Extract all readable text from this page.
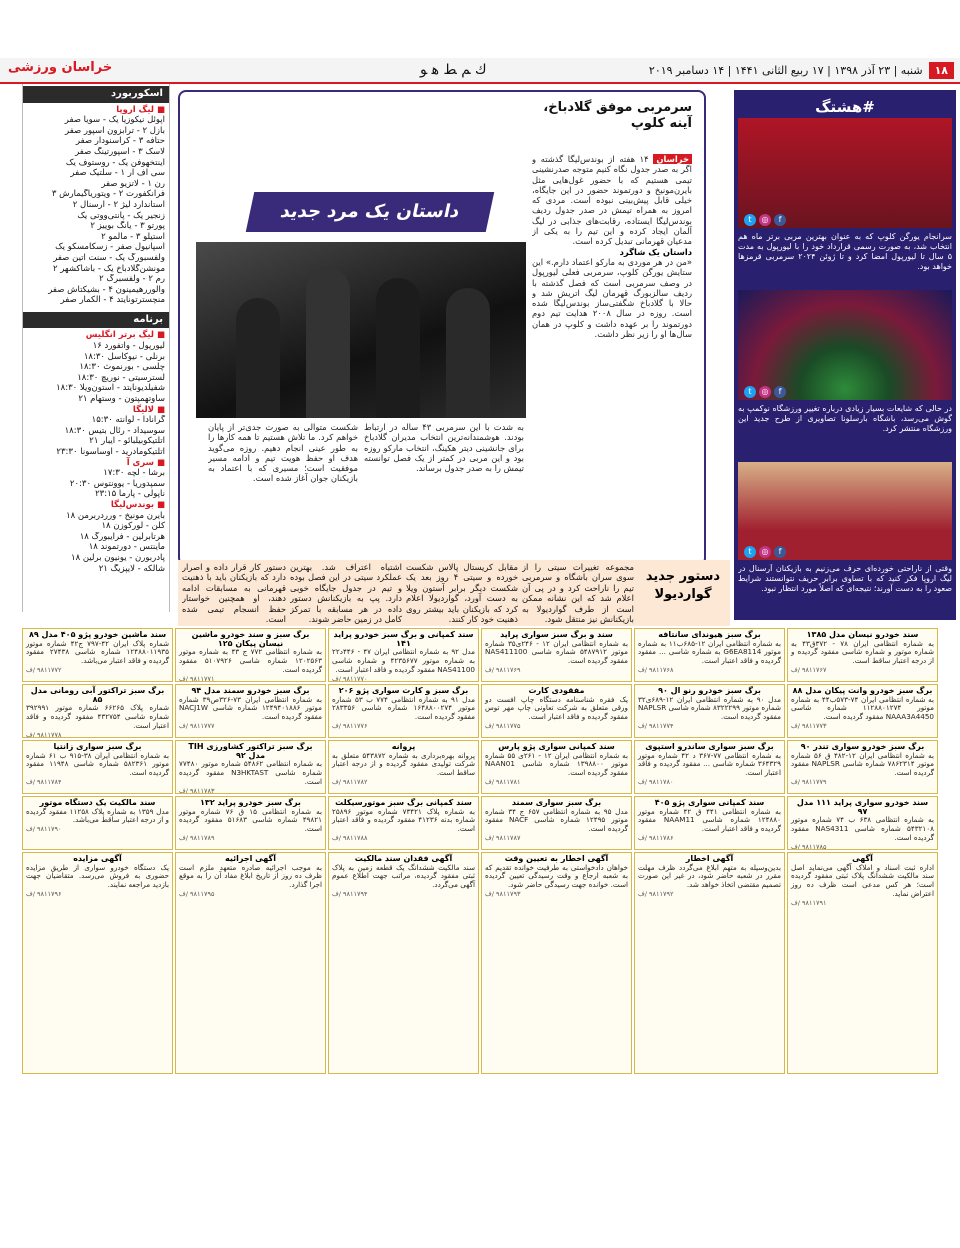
۱۸
شنبه | ۲۳ آذر ۱۳۹۸ | ۱۷ ربیع الثانی ۱۴۴۱ | ۱۴ دسامبر ۲۰۱۹
ﻙ ﻢ ﻂ ﻫ ﻮ
خراسان ورزشی
اسکوربورد
■ لیگ اروپا
آپوئل نیکوزیا یک - سویا صفر
بازل ۲ - ترابزون اسپور صفر
حتافه ۳ - کراسنودار صفر
لاسک ۳ - اسپورتینگ صفر
اینتخهوفن یک - روستوف یک
سی اف آر ۱ - سلتیک صفر
رن ۱ - لاتزیو صفر
فرانکفورت ۲ - ویتوریاگیمارش ۳
استاندارد لیژ ۲ - آرسنال ۲
زنجیر یک - پانتی‌ووتی یک
پورتو ۳ - یانگ بوییز ۲
آستیلو ۳ - مالمو ۲
اسپانیول صفر - زسکامسکو یک
ولفسبورگ یک - سنت اتین صفر
مونشن‌گلادباخ یک - باشاکشهر ۲
رم ۲ - ولفسبرگ ۲
والوررهیمینون ۴ - بشیکتاش صفر
منچسترتونایتد ۴ - آلکمار صفر
برنامه
■ لیگ برتر انگلیس
لیورپول - واتفورد ۱۶
برنلی - نیوکاسل ۱۸:۳۰
چلسی - بورنموث ۱۸:۳۰
لسترسیتی - نوریچ ۱۸:۳۰
شفیلدیونایتد - استون‌ویلا ۱۸:۳۰
ساوتهمپتون - وستهام ۲۱
■ لالیگا
گرانادا - لوانته ۱۵:۳۰
سوسیداد - رئال بتیس ۱۸:۳۰
اتلتیکوبیلبائو - ایبار ۲۱
اتلتیکومادرید - اوساسونا ۲۳:۳۰
■ سری آ
برشا - لچه ۱۷:۳۰
سمپدوریا - یوونتوس ۲۰:۳۰
ناپولی - پارما ۲۳:۱۵
■ بوندس‌لیگا
بایرن مونیخ - ورردربرمن ۱۸
کلن - لورکوزن ۱۸
هرتابرلین - فرایبورگ ۱۸
ماینتس - دورتموند ۱۸
پادربورن - یونیون برلین ۱۸
شالکه - لایپزیگ ۲۱
سرمربی موفق گلادباخ،
آینه کلوپ
داستان یک مرد جدید
خراسان ۱۴ هفته از بوندس‌لیگا گذشته و اگر به صدر جدول نگاه کنیم متوجه صدرنشینی تیمی هستیم که با حضور غول‌هایی مثل بایرن‌مونیخ و دورتموند حضور در این جایگاه، خیلی قابل پیش‌بینی نبوده است. مردی که امروز به همراه تیمش در صدر جدول ردیف بوندس‌لیگا ایستاده، رقابت‌های جذابی در لیگ آلمان ایجاد کرده و این تیم را به یکی از مدعیان قهرمانی تبدیل کرده است.
داستان یک شاگرد
«من در هر موردی به مارکو اعتماد دارم.» این ستایش یورگن کلوپ، سرمربی فعلی لیورپول در وصف سرمربی است که فصل گذشته با ردیف سالزبورگ قهرمان لیگ اتریش شد و حالا با گلادباخ شگفتی‌ساز بوندس‌لیگا شده است. روزه در سال ۲۰۰۸ هدایت تیم دوم دورتموند را بر عهده داشت و کلوپ در همان سال‌ها او را زیر نظر داشت.
به شدت با این سرمربی ۴۳ ساله در ارتباط بودند. هوشمندانه‌ترین انتخاب مدیران گلادباخ برای جانشینی دیتر هکینگ، انتخاب مارکو روزه بود و این مربی در کمتر از یک فصل توانسته تیمش را به صدر جدول برساند.
شکست متوالی به صورت جدی‌تر از پایان خواهم کرد. ما تلاش هستیم تا همه کارها را به طور عینی انجام دهیم. روزه می‌گوید هدف او حفظ هویت تیم و ادامه مسیر موفقیت است؛ مسیری که با اعتماد به بازیکنان جوان آغاز شده است.
#هشتگ
f
◎
t
سرانجام یورگن کلوپ که به عنوان بهترین مربی برتر ماه هم انتخاب شد، به صورت رسمی قرارداد خود را با لیورپول به مدت ۵ سال تا لیورپول امضا کرد و تا ژوئن ۲۰۲۴ سرمربی قرمزها خواهد بود.
f
◎
t
در حالی که شایعات بسیار زیادی درباره تغییر ورزشگاه نوکمپ به گوش می‌رسد، باشگاه بارسلونا تصاویری از طرح جدید این ورزشگاه منتشر کرد.
f
◎
t
وقتی از ناراحتی خورده‌ای حرف می‌زنیم به بازیکنان آرسنال در لیگ اروپا فکر کنید که با تساوی برابر حریف نتوانستند شرایط صعود را به دست آورند؛ نتیجه‌ای که اصلاً مورد انتظار نبود.
دستور جدید
گواردیولا
مجموعه تغییرات سیتی را از سوی سران باشگاه و سرمربی تیم را ناراحت کرد و در پی آن اعلام شد که این نشانه ممکن است از طرف گواردیولا به بازیکنانش نیز منتقل شود.
مقابل کریستال پالاس شکست خورده و سیتی ۴ روز بعد یک شکست دیگر برابر آستون ویلا به دست آورد، گواردیولا اعلام کرد که بازیکنان باید بیشتر روی ذهنیت خود کار کنند.
اشتباه اعتراف شد. بهترین عملکرد سیتی در این فصل بوده و تیم در جدول جایگاه خوبی دارد. پپ به بازیکنانش دستور داده در هر مسابقه با تمرکز کامل در زمین حاضر شوند.
دستور کار قرار داده و اصرار دارد که بازیکنان باید با ذهنیت قهرمانی به مسابقات ادامه دهند، او همچنین خواستار حفظ انسجام تیمی شده است.
سند خودرو نیسان مدل ۱۳۸۵
به شماره انتظامی ایران ۷۸ - ۳۷۲ق۴۳ به شماره موتور و شماره شاسی مفقود گردیده و از درجه اعتبار ساقط است.
۹۸۱۱۷۶۷ /ف
برگ سبز هیوندای سانتافه
به شماره انتظامی ایران ۱۲-۶۸۵ب۱۱ به شماره موتور G6EA8114 به شماره شاسی ... مفقود گردیده و فاقد اعتبار است.
۹۸۱۱۷۶۸ /ف
سند و برگ سبز سواری پراید
به شماره انتظامی ایران ۱۲ - ۲۴۶ی۳۵ شماره موتور ۵۴۸۷۹۱۲ شماره شاسی NAS411100 مفقود گردیده است.
۹۸۱۱۷۶۹ /ف
سند کمپانی و برگ سبز خودرو پراید ۱۴۱
مدل ۹۲ به شماره انتظامی ایران ۴۷ - ۴۴۶د۲۲ به شماره موتور ۴۲۳۵۶۷۷ و شماره شاسی NAS41100 مفقود گردیده و فاقد اعتبار است.
۹۸۱۱۷۷۰ /ف
برگ سبز و سند خودرو ماشین نیسان پیکان ۱۲۵
به شماره انتظامی ۷۷۲ ج ۴۳ به شماره موتور ۱۲۰۲۵۶۳ شماره شاسی ۵۱۰۷۹۲۶ مفقود گردیده است.
۹۸۱۱۷۷۱ /ف
سند ماشین خودرو پژو ۴۰۵ مدل ۸۹
شماره پلاک ایران ۴۲-۷۹۷ ج۴۲ شماره موتور ۱۲۴۸۸۰۱۱۹۳۵ شماره شاسی ۲۷۴۳۸ مفقود گردیده و فاقد اعتبار می‌باشد.
۹۸۱۱۷۷۲ /ف
برگ سبز خودرو وانت پیکان مدل ۸۸
به شماره انتظامی ایران ۷۴-۵۷۳ب۴۴ به شماره موتور ۱۱۲۸۸۰۱۲۷۴ شماره شاسی NAAA3A4450 مفقود گردیده است.
۹۸۱۱۷۷۳ /ف
برگ سبز خودرو رنو ال ۹۰
مدل ۹۰ به شماره انتظامی ایران ۱۲-۶۸۹ی۳۲ شماره موتور ۸۳۲۲۲۹۹ شماره شاسی NAPLSR مفقود گردیده است.
۹۸۱۱۷۷۴ /ف
مفقودی کارت
یک فقره شناسنامه دستگاه چاپ افست دو ورقی متعلق به شرکت تعاونی چاپ مهر توس مفقود گردیده و فاقد اعتبار است.
۹۸۱۱۷۷۵ /ف
برگ سبز و کارت سواری پژو ۲۰۶
مدل ۹۱ به شماره انتظامی ۷۷۴ ب ۵۳ شماره موتور ۱۶۴۸۸۰۰۲۷۴ شماره شاسی ۲۸۳۳۵۶ مفقود گردیده است.
۹۸۱۱۷۷۶ /ف
برگ سبز خودرو سمند مدل ۹۴
به شماره انتظامی ایران ۷۳-۳۲۶ص۳۹ شماره موتور ۱۲۴۹۴۰۱۸۸۶ شماره شاسی NACJ1W مفقود گردیده است.
۹۸۱۱۷۷۷ /ف
برگ سبز تراکتور آبی رومانی مدل ۸۵
شماره پلاک ۶۶۲۶۵ شماره موتور ۳۹۲۹۹۱ شماره شاسی ۴۳۲۷۵۴ مفقود گردیده و فاقد اعتبار است.
۹۸۱۱۷۷۸ /ف
برگ سبز خودرو سواری تندر ۹۰
به شماره انتظامی ایران ۱۲-۴۸۲ ق ۵۶ شماره موتور ۷۸۶۲۳۱۴ شماره شاسی NAPLSR مفقود گردیده است.
۹۸۱۱۷۷۹ /ف
برگ سبز سواری ساندرو استپوی
به شماره انتظامی ۷۷-۳۶۷ د ۴۲ شماره موتور ۳۶۴۳۲۹ شماره شاسی ... مفقود گردیده و فاقد اعتبار است.
۹۸۱۱۷۸۰ /ف
سند کمپانی سواری پژو پارس
به شماره انتظامی ایران ۱۲ - ۲۶۱ی ۵۵ شماره موتور ۱۳۹۸۸۰۰ شماره شاسی NAAN01 مفقود گردیده است.
۹۸۱۱۷۸۱ /ف
پروانه
پروانه بهره‌برداری به شماره ۵۴۳۸۷۲ متعلق به شرکت تولیدی مفقود گردیده و از درجه اعتبار ساقط است.
۹۸۱۱۷۸۲ /ف
برگ سبز تراکتور کشاورزی TIH مدل ۹۲
به شماره انتظامی ۵۴۸۶۲ شماره موتور ۷۷۴۸۰ شماره شاسی N3HKTAST مفقود گردیده است.
۹۸۱۱۷۸۳ /ف
برگ سبز سواری زانتیا
به شماره انتظامی ایران ۳۸-۹۱۵ ب ۶۱ شماره موتور ۵۸۲۳۶۱ شماره شاسی ۱۱۹۴۸ مفقود گردیده است.
۹۸۱۱۷۸۴ /ف
سند خودرو سواری پراید ۱۱۱ مدل ۹۷
به شماره انتظامی ۶۳۸ ب ۷۴ شماره موتور ۵۴۳۲۱۰۸ شماره شاسی NAS4311 مفقود گردیده است.
۹۸۱۱۷۸۵ /ف
سند کمپانی سواری پژو ۴۰۵
به شماره انتظامی ۴۴۱ ق ۴۲ شماره موتور ۱۲۴۸۸۰ شماره شاسی NAAM11 مفقود گردیده و فاقد اعتبار است.
۹۸۱۱۷۸۶ /ف
برگ سبز سواری سمند
مدل ۹۵ به شماره انتظامی ۶۵۷ ج ۳۴ شماره موتور ۱۲۴۹۵ شماره شاسی NACF مفقود گردیده است.
۹۸۱۱۷۸۷ /ف
سند کمپانی برگ سبز موتورسیکلت
به شماره پلاک ۷۳۴۲۱ شماره موتور ۲۵۸۹۶ شماره بدنه ۴۱۲۳۶ مفقود گردیده و فاقد اعتبار است.
۹۸۱۱۷۸۸ /ف
برگ سبز خودرو پراید ۱۳۲
به شماره انتظامی ۱۵ ق ۷۶ شماره موتور ۴۹۸۲۱ شماره شاسی ۵۱۶۸۳ مفقود گردیده است.
۹۸۱۱۷۸۹ /ف
سند مالکیت یک دستگاه موتور
مدل ۱۳۵۹ به شماره پلاک ۱۱۲۵۸ مفقود گردیده و از درجه اعتبار ساقط می‌باشد.
۹۸۱۱۷۹۰ /ف
آگهی
اداره ثبت اسناد و املاک آگهی می‌نماید اصل سند مالکیت ششدانگ پلاک ثبتی مفقود گردیده است؛ هر کس مدعی است ظرف ده روز اعتراض نماید.
۹۸۱۱۷۹۱ /ف
آگهی اخطار
بدین‌وسیله به متهم ابلاغ می‌گردد ظرف مهلت مقرر در شعبه حاضر شود، در غیر این صورت تصمیم مقتضی اتخاذ خواهد شد.
۹۸۱۱۷۹۲ /ف
آگهی اخطار به تعیین وقت
خواهان دادخواستی به طرفیت خوانده تقدیم که به شعبه ارجاع و وقت رسیدگی تعیین گردیده است. خوانده جهت رسیدگی حاضر شود.
۹۸۱۱۷۹۳ /ف
آگهی فقدان سند مالکیت
سند مالکیت ششدانگ یک قطعه زمین به پلاک ثبتی مفقود گردیده، مراتب جهت اطلاع عموم آگهی می‌گردد.
۹۸۱۱۷۹۴ /ف
آگهی اجرائیه
به موجب اجرائیه صادره متعهد ملزم است ظرف ده روز از تاریخ ابلاغ مفاد آن را به موقع اجرا گذارد.
۹۸۱۱۷۹۵ /ف
آگهی مزایده
یک دستگاه خودرو سواری از طریق مزایده حضوری به فروش می‌رسد. متقاضیان جهت بازدید مراجعه نمایند.
۹۸۱۱۷۹۶ /ف
